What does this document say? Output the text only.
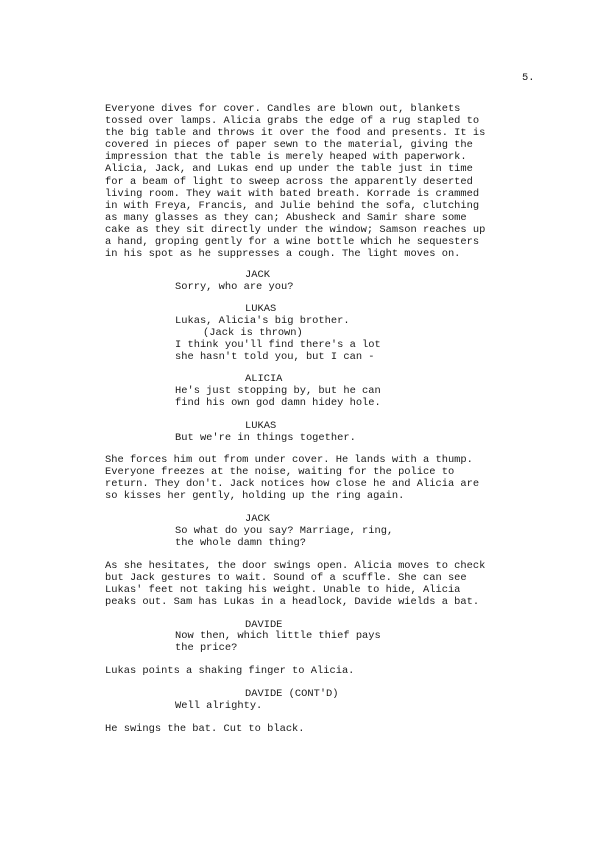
5.
Everyone dives for cover. Candles are blown out, blankets
tossed over lamps. Alicia grabs the edge of a rug stapled to
the big table and throws it over the food and presents. It is
covered in pieces of paper sewn to the material, giving the
impression that the table is merely heaped with paperwork.
Alicia, Jack, and Lukas end up under the table just in time
for a beam of light to sweep across the apparently deserted
living room. They wait with bated breath. Korrade is crammed
in with Freya, Francis, and Julie behind the sofa, clutching
as many glasses as they can; Abusheck and Samir share some
cake as they sit directly under the window; Samson reaches up
a hand, groping gently for a wine bottle which he sequesters
in his spot as he suppresses a cough. The light moves on.
JACK
Sorry, who are you?
LUKAS
Lukas, Alicia's big brother.
(Jack is thrown)
I think you'll find there's a lot
she hasn't told you, but I can -
ALICIA
He's just stopping by, but he can
find his own god damn hidey hole.
LUKAS
But we're in things together.
She forces him out from under cover. He lands with a thump.
Everyone freezes at the noise, waiting for the police to
return. They don't. Jack notices how close he and Alicia are
so kisses her gently, holding up the ring again.
JACK
So what do you say? Marriage, ring,
the whole damn thing?
As she hesitates, the door swings open. Alicia moves to check
but Jack gestures to wait. Sound of a scuffle. She can see
Lukas' feet not taking his weight. Unable to hide, Alicia
peaks out. Sam has Lukas in a headlock, Davide wields a bat.
DAVIDE
Now then, which little thief pays
the price?
Lukas points a shaking finger to Alicia.
DAVIDE (CONT'D)
Well alrighty.
He swings the bat. Cut to black.
